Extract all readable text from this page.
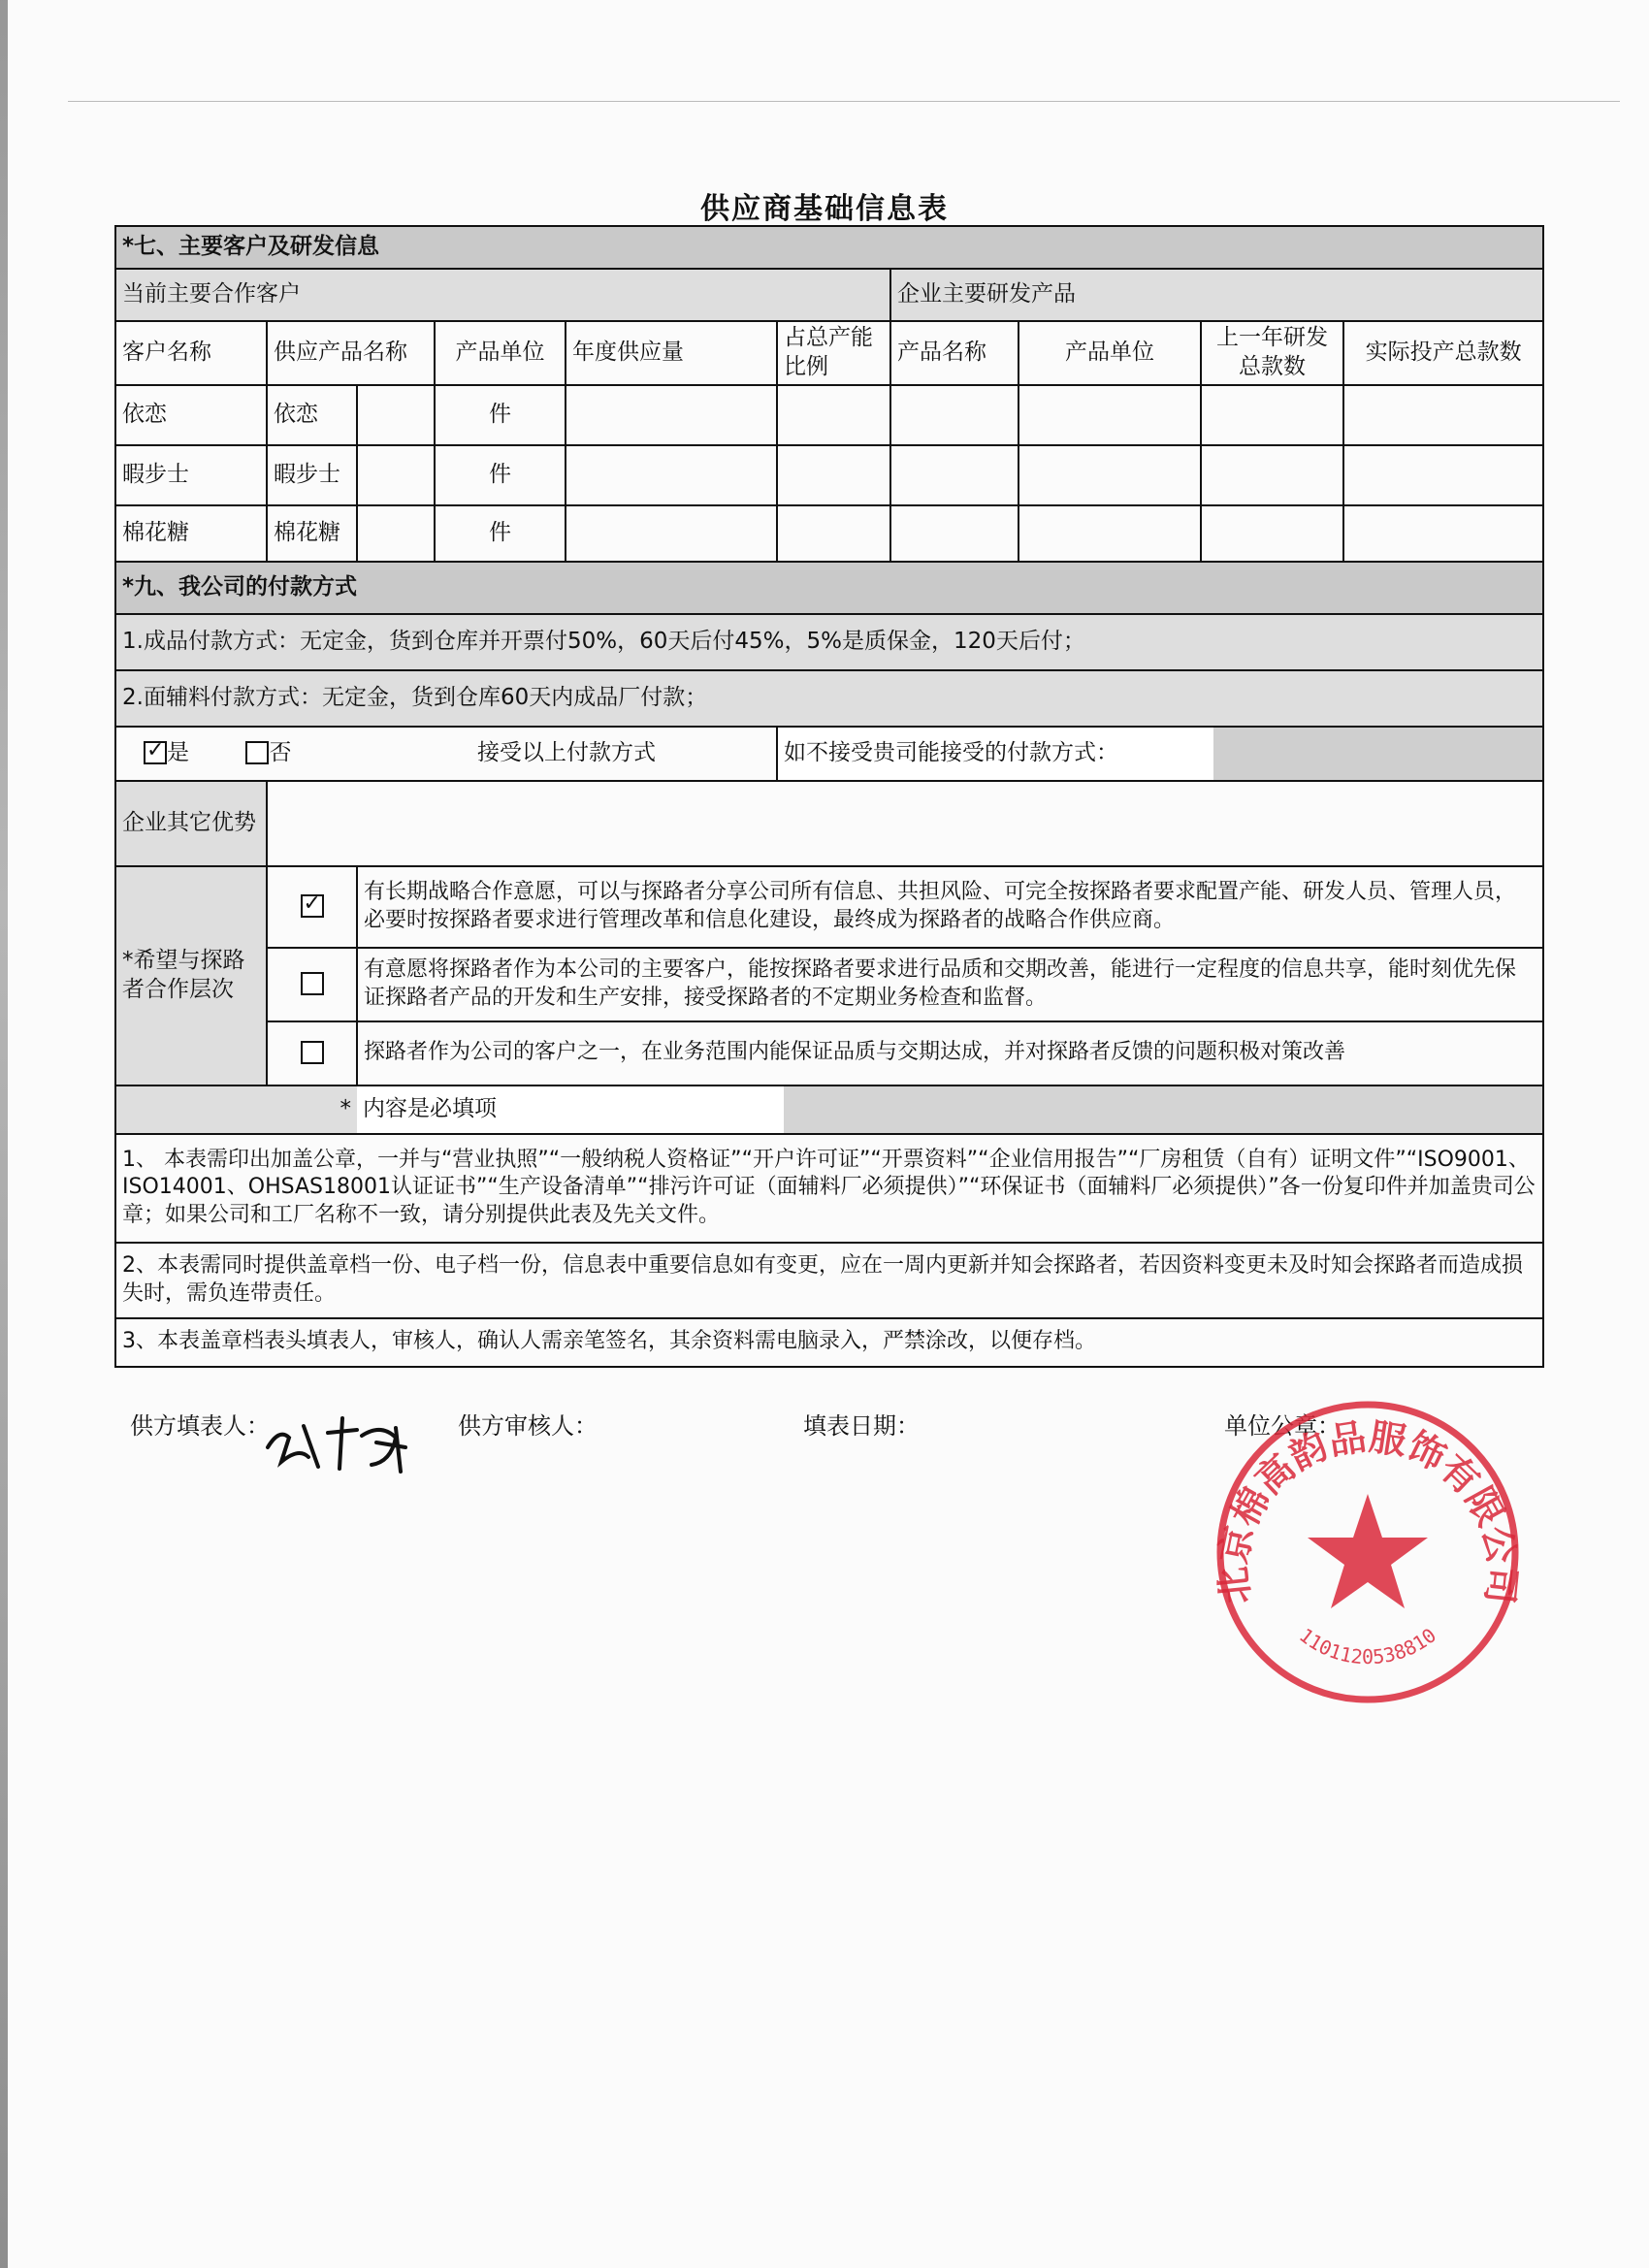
供应商基础信息表
*七、主要客户及研发信息									
当前主要合作客户						企业主要研发产品			
客户名称	供应产品名称		产品单位	年度供应量	占总产能比例	产品名称	产品单位	上一年研发总款数	实际投产总款数
依恋	依恋		件						
暇步士	暇步士		件						
棉花糖	棉花糖		件						
*九、我公司的付款方式									
1.成品付款方式：无定金，货到仓库并开票付50%，60天后付45%，5%是质保金，120天后付；									
2.面辅料付款方式：无定金，货到仓库60天内成品厂付款；									
✓是 否		接受以上付款方式			如不接受贵司能接受的付款方式：				
企业其它优势									
*希望与探路者合作层次	✓	有长期战略合作意愿，可以与探路者分享公司所有信息、共担风险、可完全按探路者要求配置产能、研发人员、管理人员，必要时按探路者要求进行管理改革和信息化建设，最终成为探路者的战略合作供应商。							
		有意愿将探路者作为本公司的主要客户，能按探路者要求进行品质和交期改善，能进行一定程度的信息共享，能时刻优先保证探路者产品的开发和生产安排，接受探路者的不定期业务检查和监督。							
		探路者作为公司的客户之一，在业务范围内能保证品质与交期达成，并对探路者反馈的问题积极对策改善							
*		内容是必填项							
1、 本表需印出加盖公章，一并与“营业执照”“一般纳税人资格证”“开户许可证”“开票资料”“企业信用报告”“厂房租赁（自有）证明文件”“ISO9001、ISO14001、OHSAS18001认证证书”“生产设备清单”“排污许可证（面辅料厂必须提供）”“环保证书（面辅料厂必须提供）”各一份复印件并加盖贵司公章；如果公司和工厂名称不一致，请分别提供此表及先关文件。									
2、本表需同时提供盖章档一份、电子档一份，信息表中重要信息如有变更，应在一周内更新并知会探路者，若因资料变更未及时知会探路者而造成损失时，需负连带责任。									
3、本表盖章档表头填表人，审核人，确认人需亲笔签名，其余资料需电脑录入，严禁涂改，以便存档。									
供方填表人：	供方审核人：	填表日期：	单位公章：
北京棉高韵品服饰有限公司
1101120538810
